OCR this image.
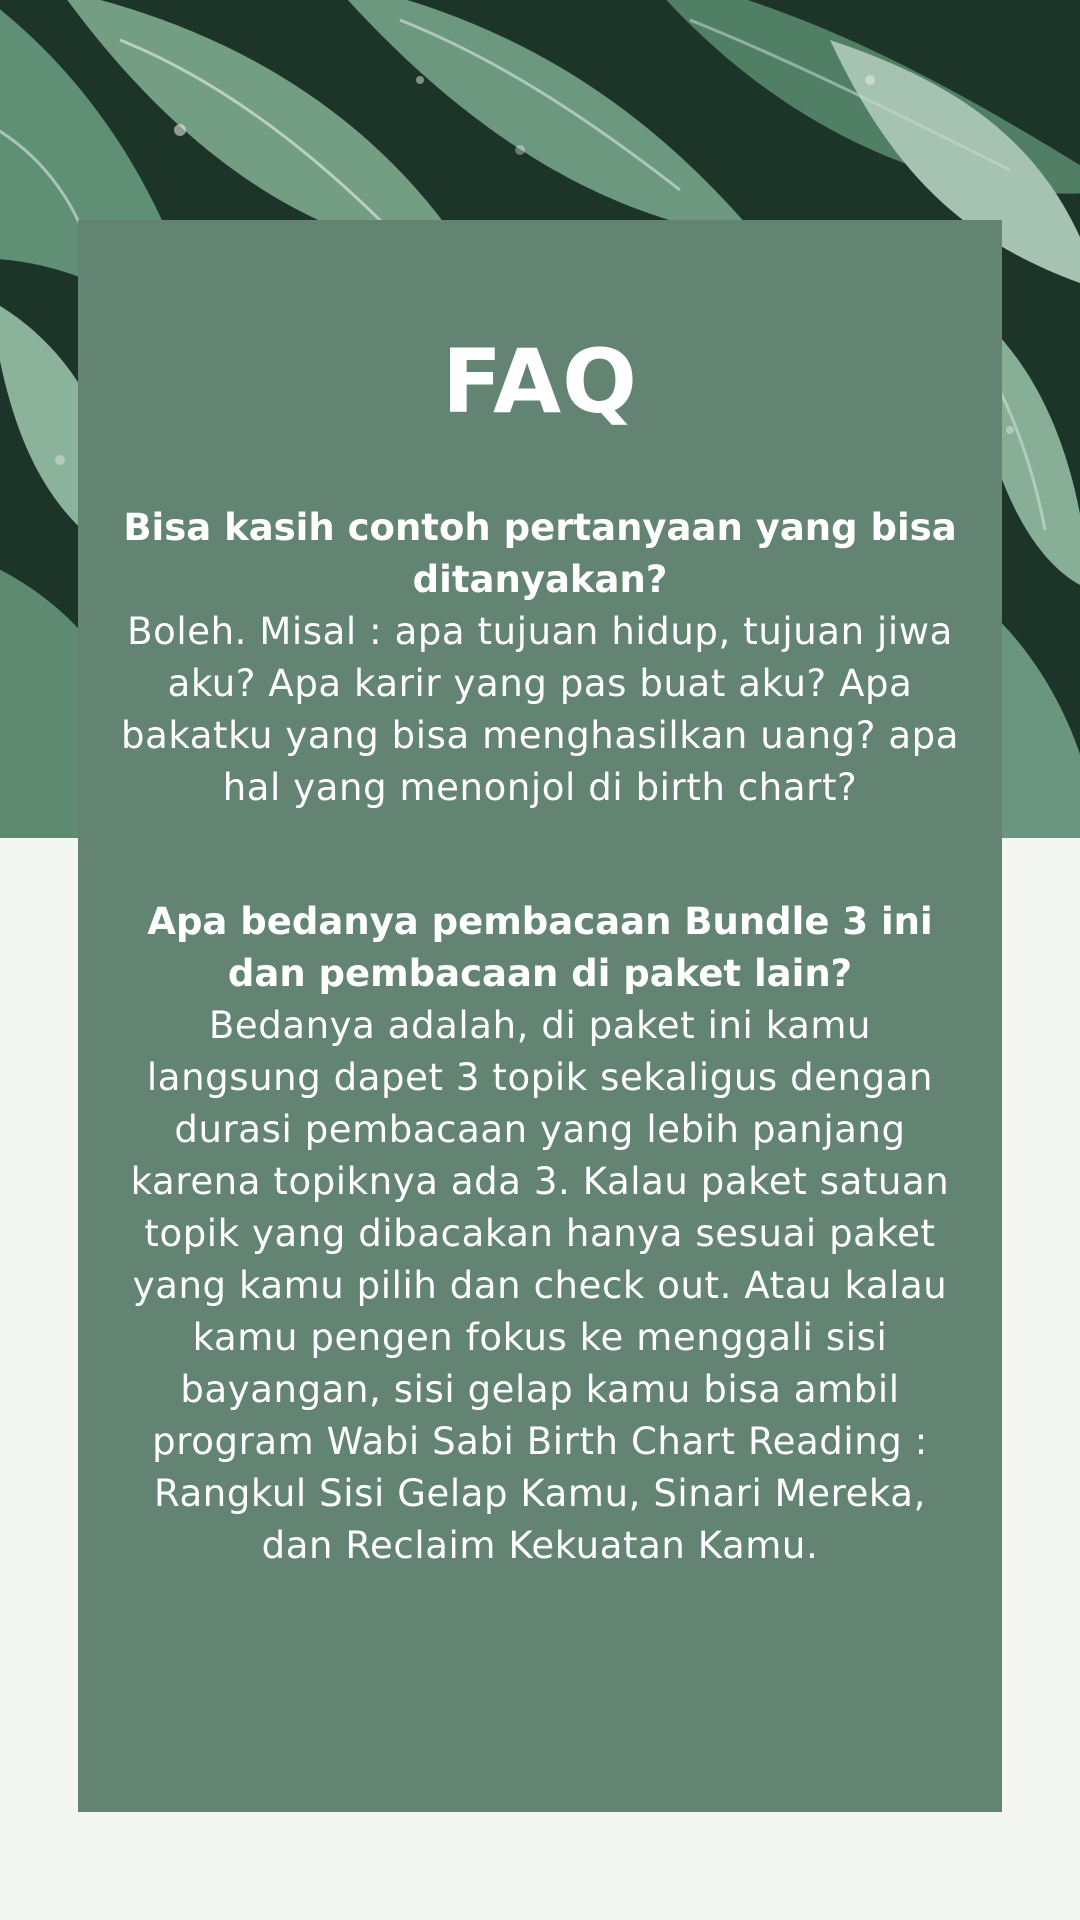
FAQ

Bisa kasih contoh pertanyaan yang bisa ditanyakan?

Boleh. Misal : apa tujuan hidup, tujuan jiwa aku? Apa karir yang pas buat aku? Apa bakatku yang bisa menghasilkan uang? apa hal yang menonjol di birth chart?

Apa bedanya pembacaan Bundle 3 ini dan pembacaan di paket lain?

Bedanya adalah, di paket ini kamu langsung dapet 3 topik sekaligus dengan durasi pembacaan yang lebih panjang karena topiknya ada 3. Kalau paket satuan topik yang dibacakan hanya sesuai paket yang kamu pilih dan check out. Atau kalau kamu pengen fokus ke menggali sisi bayangan, sisi gelap kamu bisa ambil program Wabi Sabi Birth Chart Reading : Rangkul Sisi Gelap Kamu, Sinari Mereka, dan Reclaim Kekuatan Kamu.
